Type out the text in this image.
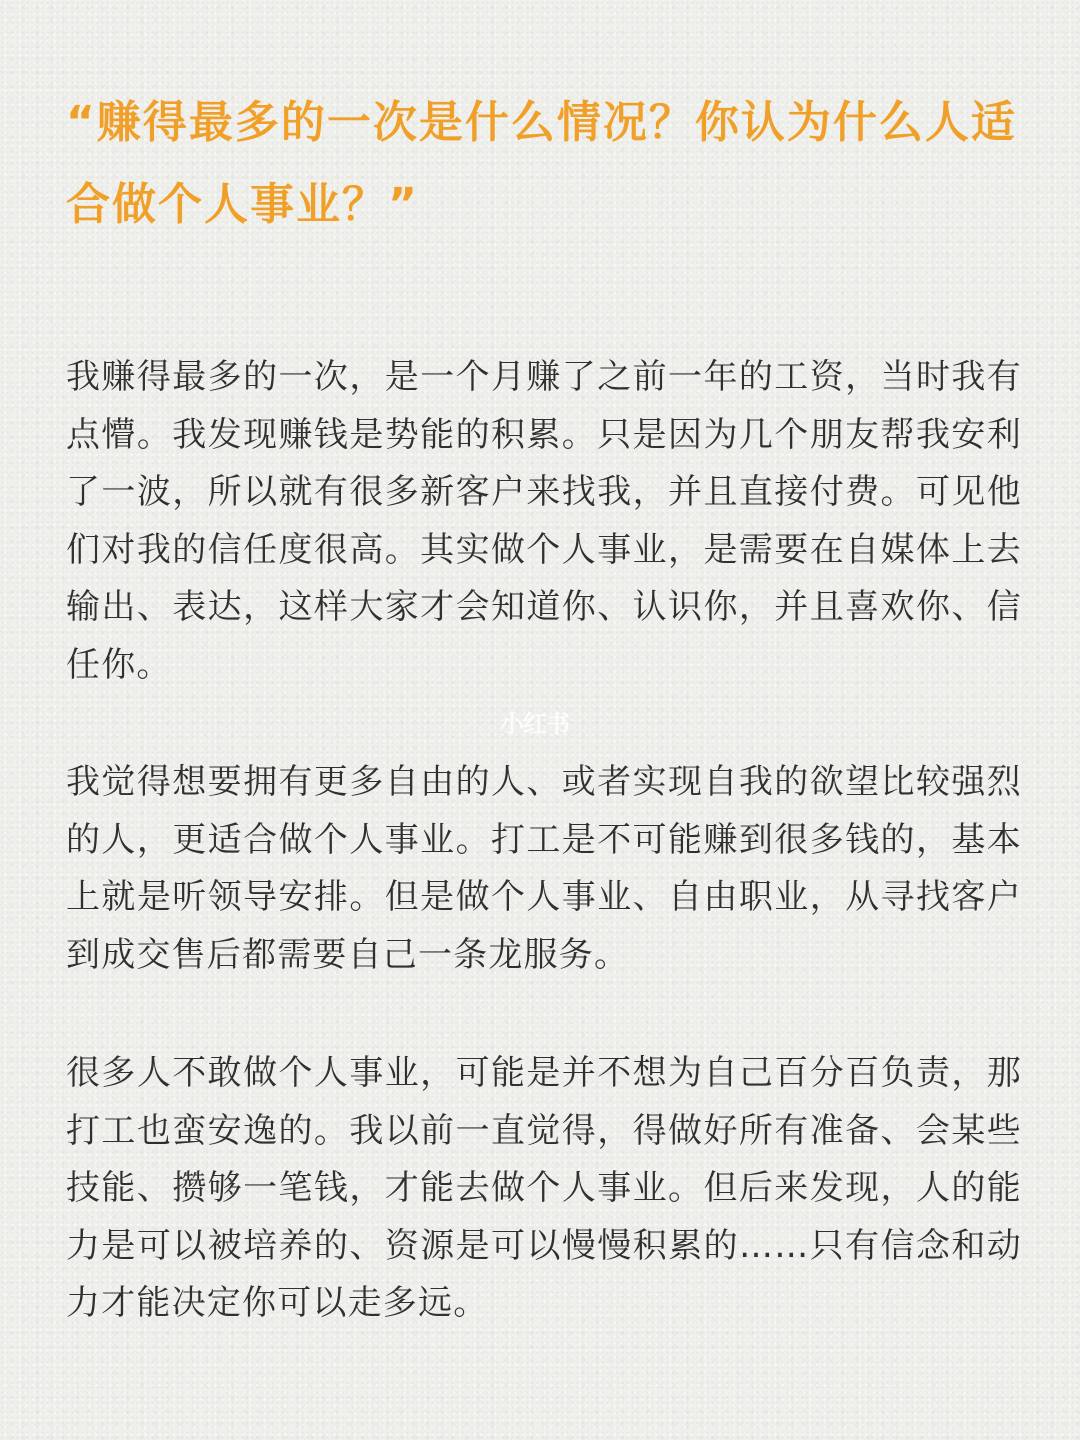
“赚得最多的一次是什么情况？你认为什么人适合做个人事业？”

我赚得最多的一次，是一个月赚了之前一年的工资，当时我有点懵。我发现赚钱是势能的积累。只是因为几个朋友帮我安利了一波，所以就有很多新客户来找我，并且直接付费。可见他们对我的信任度很高。其实做个人事业，是需要在自媒体上去输出、表达，这样大家才会知道你、认识你，并且喜欢你、信任你。

小红书

我觉得想要拥有更多自由的人、或者实现自我的欲望比较强烈的人，更适合做个人事业。打工是不可能赚到很多钱的，基本上就是听领导安排。但是做个人事业、自由职业，从寻找客户到成交售后都需要自己一条龙服务。

很多人不敢做个人事业，可能是并不想为自己百分百负责，那打工也蛮安逸的。我以前一直觉得，得做好所有准备、会某些技能、攒够一笔钱，才能去做个人事业。但后来发现，人的能力是可以被培养的、资源是可以慢慢积累的……只有信念和动力才能决定你可以走多远。
